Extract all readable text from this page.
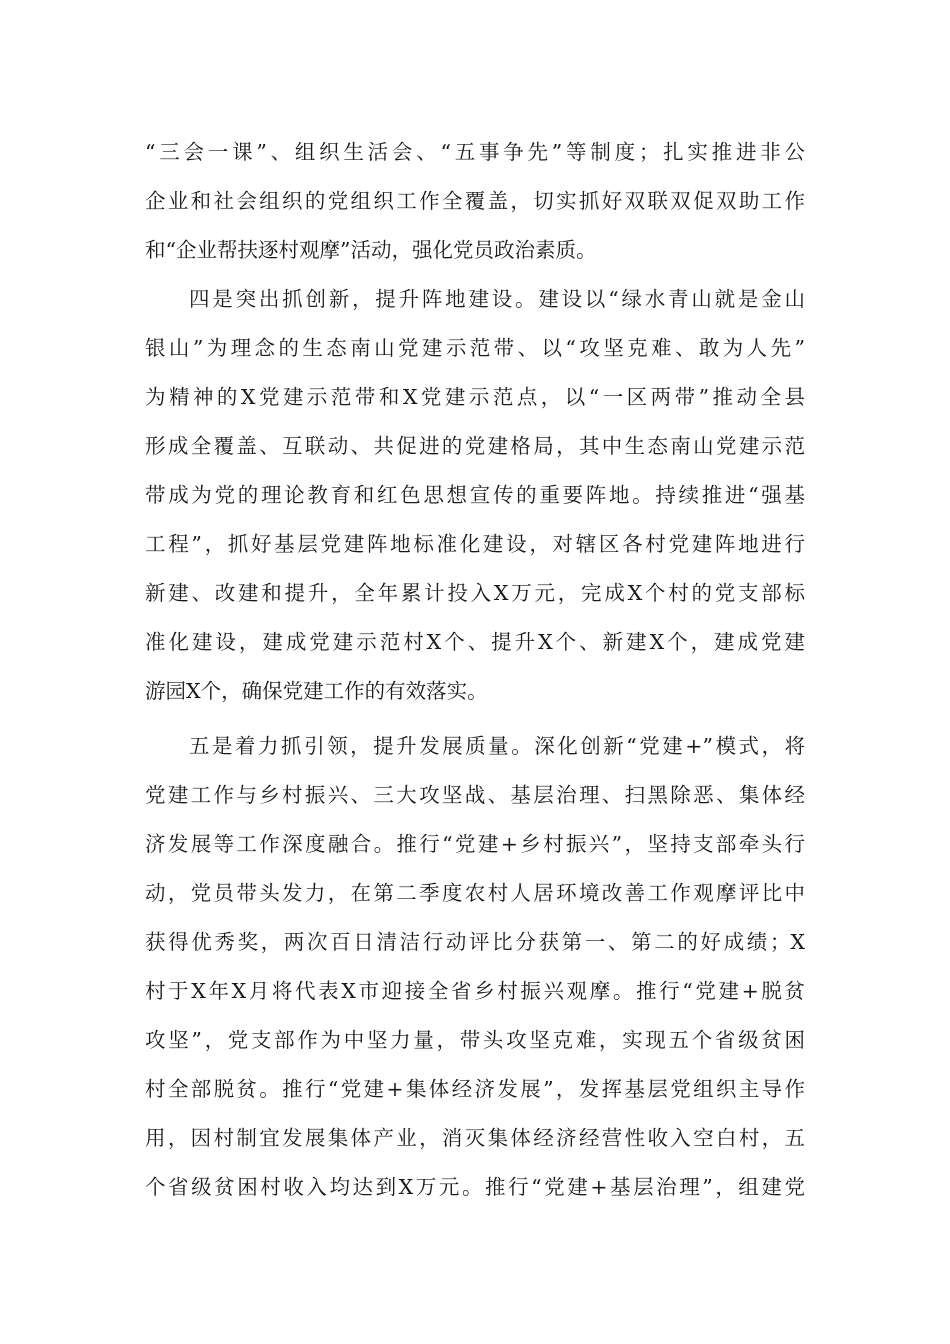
“三会一课”、组织生活会、“五事争先”等制度；扎实推进非公
企业和社会组织的党组织工作全覆盖，切实抓好双联双促双助工作
和“企业帮扶逐村观摩”活动，强化党员政治素质。
四是突出抓创新，提升阵地建设。建设以“绿水青山就是金山
银山”为理念的生态南山党建示范带、以“攻坚克难、敢为人先”
为精神的X党建示范带和X党建示范点，以“一区两带”推动全县
形成全覆盖、互联动、共促进的党建格局，其中生态南山党建示范
带成为党的理论教育和红色思想宣传的重要阵地。持续推进“强基
工程”，抓好基层党建阵地标准化建设，对辖区各村党建阵地进行
新建、改建和提升，全年累计投入X万元，完成X个村的党支部标
准化建设，建成党建示范村X个、提升X个、新建X个，建成党建
游园X个，确保党建工作的有效落实。
五是着力抓引领，提升发展质量。深化创新“党建+”模式，将
党建工作与乡村振兴、三大攻坚战、基层治理、扫黑除恶、集体经
济发展等工作深度融合。推行“党建+乡村振兴”，坚持支部牵头行
动，党员带头发力，在第二季度农村人居环境改善工作观摩评比中
获得优秀奖，两次百日清洁行动评比分获第一、第二的好成绩；X
村于X年X月将代表X市迎接全省乡村振兴观摩。推行“党建+脱贫
攻坚”，党支部作为中坚力量，带头攻坚克难，实现五个省级贫困
村全部脱贫。推行“党建+集体经济发展”，发挥基层党组织主导作
用，因村制宜发展集体产业，消灭集体经济经营性收入空白村，五
个省级贫困村收入均达到X万元。推行“党建+基层治理”，组建党
